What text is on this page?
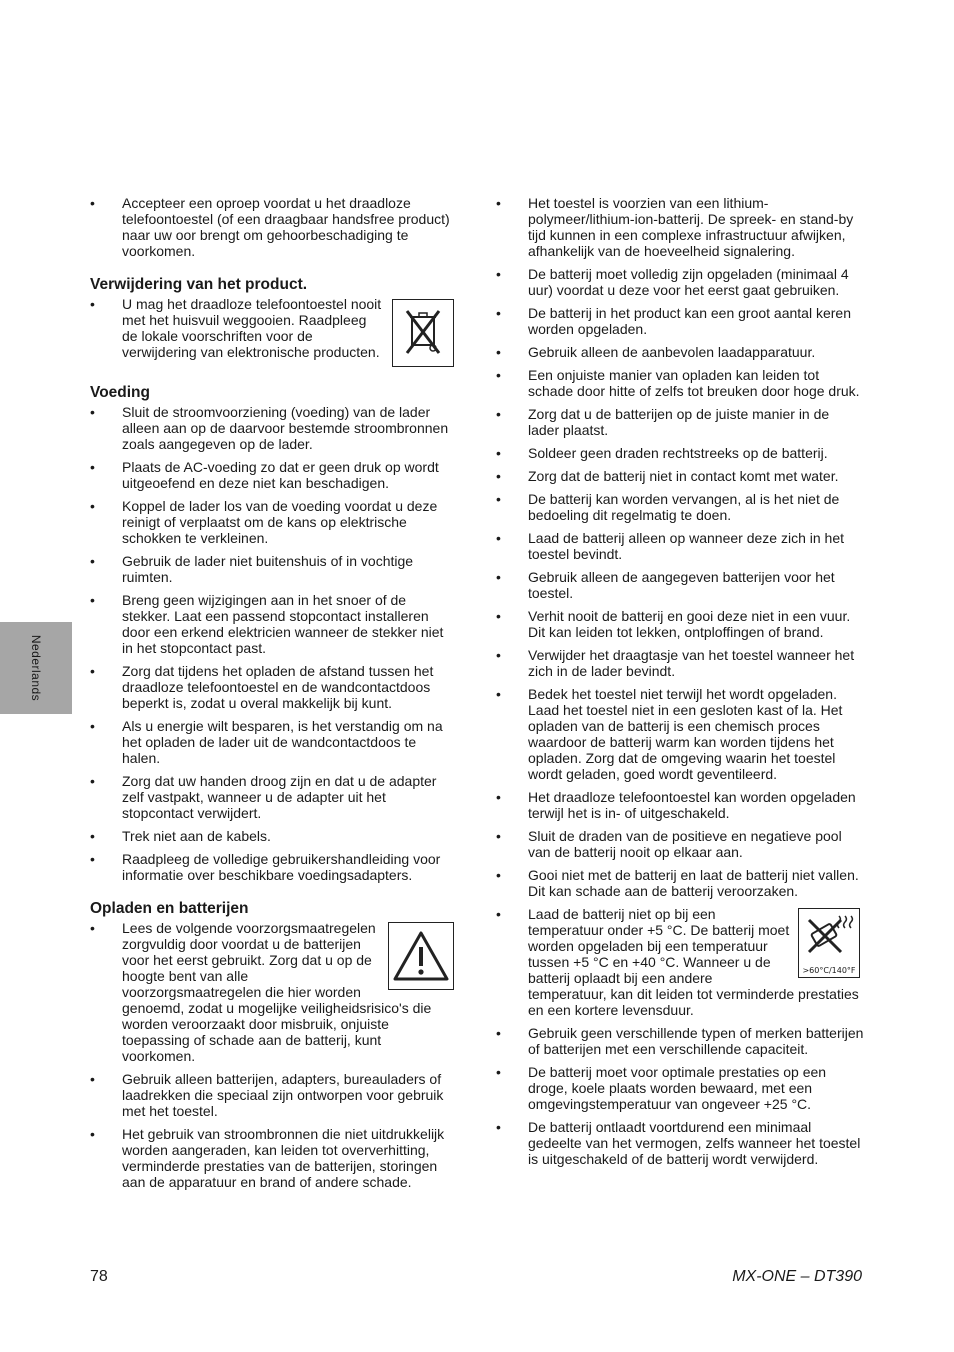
Nederlands
• Accepteer een oproep voordat u het draadloze telefoontoestel (of een draagbaar handsfree product) naar uw oor brengt om gehoorbeschadiging te voorkomen.
Verwijdering van het product.
• U mag het draadloze telefoontoestel nooit met het huisvuil weggooien. Raadpleeg de lokale voorschriften voor de verwijdering van elektronische producten.
Voeding
• Sluit de stroomvoorziening (voeding) van de lader alleen aan op de daarvoor bestemde stroombronnen zoals aangegeven op de lader.
• Plaats de AC-voeding zo dat er geen druk op wordt uitgeoefend en deze niet kan beschadigen.
• Koppel de lader los van de voeding voordat u deze reinigt of verplaatst om de kans op elektrische schokken te verkleinen.
• Gebruik de lader niet buitenshuis of in vochtige ruimten.
• Breng geen wijzigingen aan in het snoer of de stekker. Laat een passend stopcontact installeren door een erkend elektricien wanneer de stekker niet in het stopcontact past.
• Zorg dat tijdens het opladen de afstand tussen het draadloze telefoontoestel en de wandcontactdoos beperkt is, zodat u overal makkelijk bij kunt.
• Als u energie wilt besparen, is het verstandig om na het opladen de lader uit de wandcontactdoos te halen.
• Zorg dat uw handen droog zijn en dat u de adapter zelf vastpakt, wanneer u de adapter uit het stopcontact verwijdert.
• Trek niet aan de kabels.
• Raadpleeg de volledige gebruikershandleiding voor informatie over beschikbare voedingsadapters.
Opladen en batterijen
• Lees de volgende voorzorgsmaatregelen zorgvuldig door voordat u de batterijen voor het eerst gebruikt. Zorg dat u op de hoogte bent van alle voorzorgsmaatregelen die hier worden genoemd, zodat u mogelijke veiligheidsrisico's die worden veroorzaakt door misbruik, onjuiste toepassing of schade aan de batterij, kunt voorkomen.
• Gebruik alleen batterijen, adapters, bureauladers of laadrekken die speciaal zijn ontworpen voor gebruik met het toestel.
• Het gebruik van stroombronnen die niet uitdrukkelijk worden aangeraden, kan leiden tot oververhitting, verminderde prestaties van de batterijen, storingen aan de apparatuur en brand of andere schade.
• Het toestel is voorzien van een lithium-polymeer/lithium-ion-batterij. De spreek- en stand-by tijd kunnen in een complexe infrastructuur afwijken, afhankelijk van de hoeveelheid signalering.
• De batterij moet volledig zijn opgeladen (minimaal 4 uur) voordat u deze voor het eerst gaat gebruiken.
• De batterij in het product kan een groot aantal keren worden opgeladen.
• Gebruik alleen de aanbevolen laadapparatuur.
• Een onjuiste manier van opladen kan leiden tot schade door hitte of zelfs tot breuken door hoge druk.
• Zorg dat u de batterijen op de juiste manier in de lader plaatst.
• Soldeer geen draden rechtstreeks op de batterij.
• Zorg dat de batterij niet in contact komt met water.
• De batterij kan worden vervangen, al is het niet de bedoeling dit regelmatig te doen.
• Laad de batterij alleen op wanneer deze zich in het toestel bevindt.
• Gebruik alleen de aangegeven batterijen voor het toestel.
• Verhit nooit de batterij en gooi deze niet in een vuur. Dit kan leiden tot lekken, ontploffingen of brand.
• Verwijder het draagtasje van het toestel wanneer het zich in de lader bevindt.
• Bedek het toestel niet terwijl het wordt opgeladen. Laad het toestel niet in een gesloten kast of la. Het opladen van de batterij is een chemisch proces waardoor de batterij warm kan worden tijdens het opladen. Zorg dat de omgeving waarin het toestel wordt geladen, goed wordt geventileerd.
• Het draadloze telefoontoestel kan worden opgeladen terwijl het is in- of uitgeschakeld.
• Sluit de draden van de positieve en negatieve pool van de batterij nooit op elkaar aan.
• Gooi niet met de batterij en laat de batterij niet vallen. Dit kan schade aan de batterij veroorzaken.
•
>60°C/140°F
Laad de batterij niet op bij een temperatuur onder +5 °C. De batterij moet worden opgeladen bij een temperatuur tussen +5 °C en +40 °C. Wanneer u de batterij oplaadt bij een andere temperatuur, kan dit leiden tot verminderde prestaties en een kortere levensduur.
• Gebruik geen verschillende typen of merken batterijen of batterijen met een verschillende capaciteit.
• De batterij moet voor optimale prestaties op een droge, koele plaats worden bewaard, met een omgevingstemperatuur van ongeveer +25 °C.
• De batterij ontlaadt voortdurend een minimaal gedeelte van het vermogen, zelfs wanneer het toestel is uitgeschakeld of de batterij wordt verwijderd.
78	MX-ONE – DT390
